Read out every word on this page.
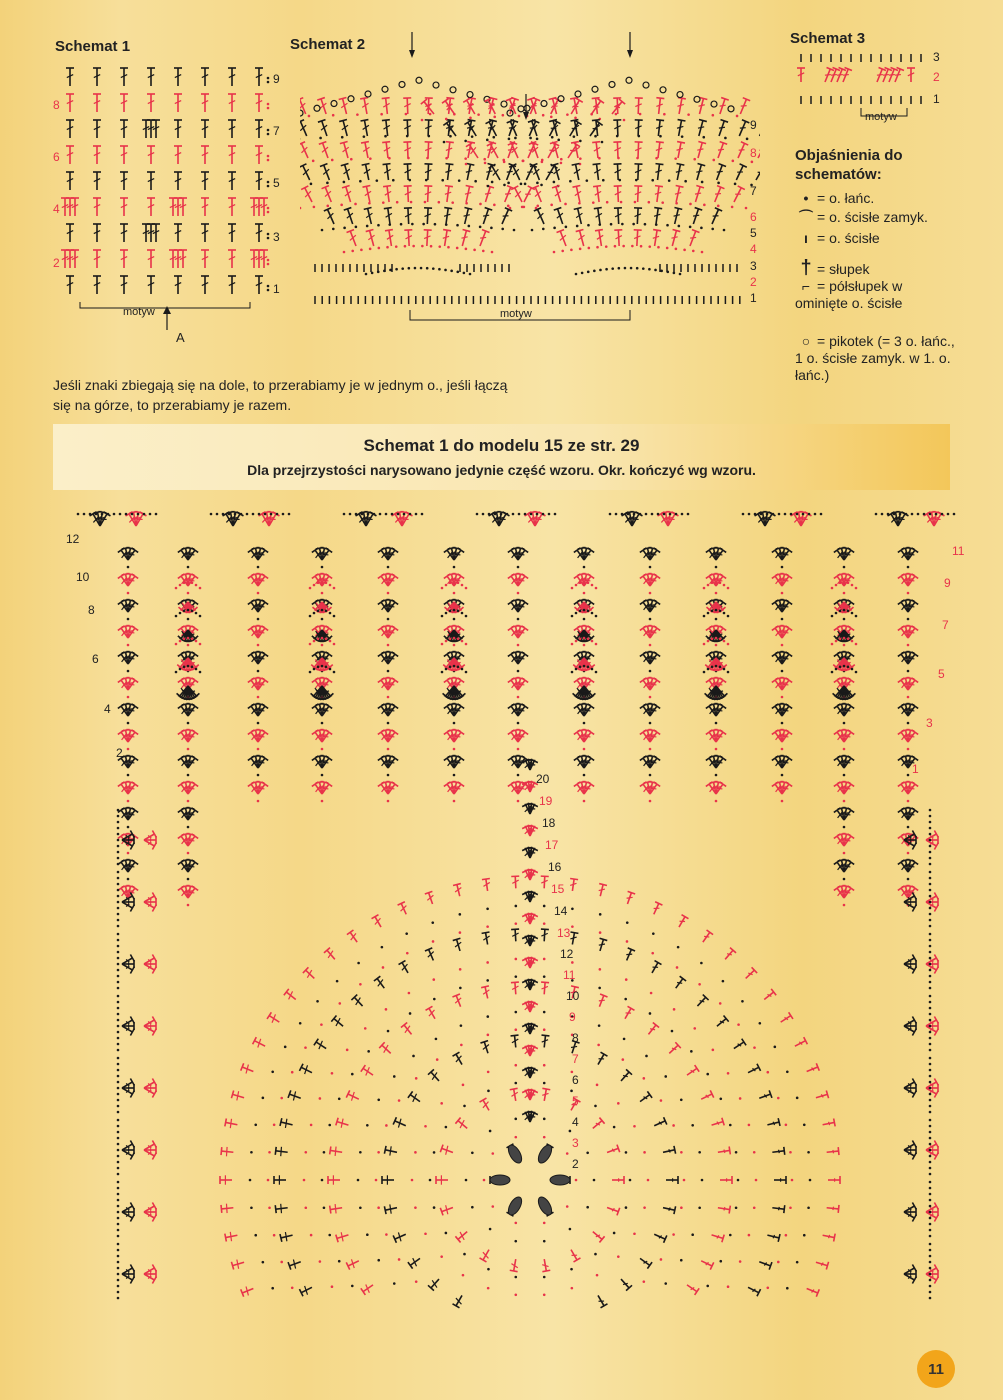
Schemat 1
9
7
5
3
1
8
6
4
2
motyw
A
Schemat 2
9
8
7
6
5
4
3
2
1
motyw
Schemat 3
3
2
1
motyw
Objaśnienia do schematów:
• = o. łańc.
⌒ = o. ścisłe zamyk.
ı = o. ścisłe
† = słupek
⌐ = półsłupek w ominięte o. ścisłe
○ = pikotek (= 3 o. łańc., 1 o. ścisłe zamyk. w 1. o. łańc.)
Jeśli znaki zbiegają się na dole, to przerabiamy je w jednym o., jeśli łączą się na górze, to przerabiamy je razem.
Schemat 1 do modelu 15 ze str. 29
Dla przejrzystości narysowano jedynie część wzoru. Okr. kończyć wg wzoru.
12
10
8
6
4
2
11
9
7
5
3
1
20
19
18
17
16
15
14
13
12
11
10
9
8
7
6
5
4
3
2
11
